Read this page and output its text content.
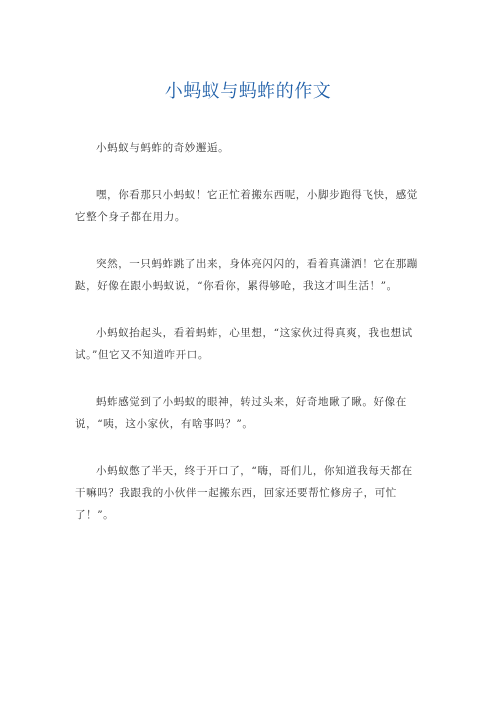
小蚂蚁与蚂蚱的作文

小蚂蚁与蚂蚱的奇妙邂逅。

嘿，你看那只小蚂蚁！它正忙着搬东西呢，小脚步跑得飞快，感觉它整个身子都在用力。

突然，一只蚂蚱跳了出来，身体亮闪闪的，看着真潇洒！它在那蹦跶，好像在跟小蚂蚁说，“你看你，累得够呛，我这才叫生活！”。

小蚂蚁抬起头，看着蚂蚱，心里想，“这家伙过得真爽，我也想试试。”但它又不知道咋开口。

蚂蚱感觉到了小蚂蚁的眼神，转过头来，好奇地瞅了瞅。好像在说，“咦，这小家伙，有啥事吗？”。

小蚂蚁憋了半天，终于开口了，“嗨，哥们儿，你知道我每天都在干嘛吗？我跟我的小伙伴一起搬东西，回家还要帮忙修房子，可忙了！”。
